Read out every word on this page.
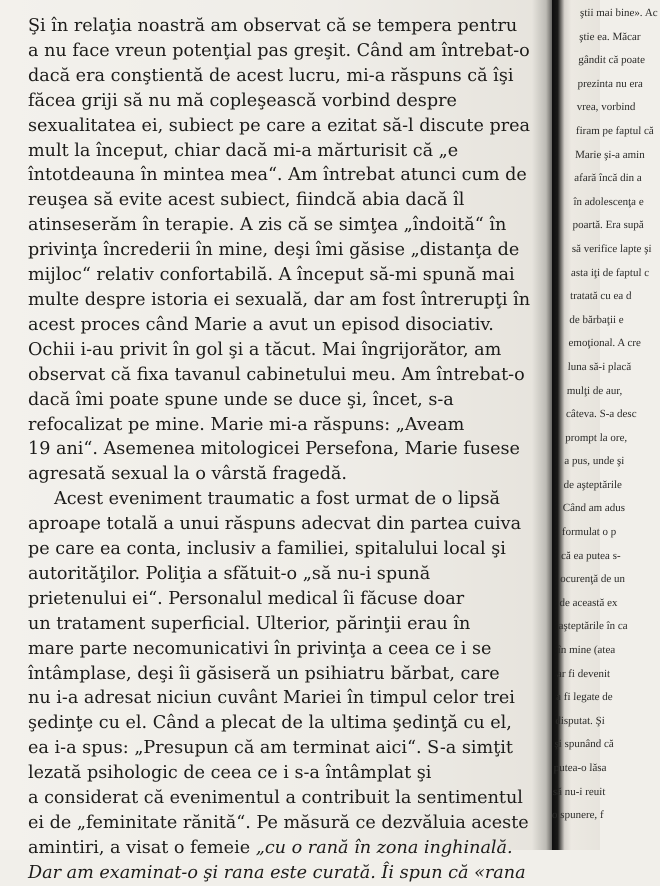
Şi în relaţia noastră am observat că se tempera pentru
a nu face vreun potenţial pas greşit. Când am întrebat-o
dacă era conştientă de acest lucru, mi-a răspuns că îşi
făcea griji să nu mă copleşească vorbind despre
sexualitatea ei, subiect pe care a ezitat să-l discute prea
mult la început, chiar dacă mi-a mărturisit că „e
întotdeauna în mintea mea“. Am întrebat atunci cum de
reuşea să evite acest subiect, fiindcă abia dacă îl
atinseserăm în terapie. A zis că se simţea „îndoită“ în
privinţa încrederii în mine, deşi îmi găsise „distanţa de
mijloc“ relativ confortabilă. A început să-mi spună mai
multe despre istoria ei sexuală, dar am fost întrerupţi în
acest proces când Marie a avut un episod disociativ.
Ochii i-au privit în gol şi a tăcut. Mai îngrijorător, am
observat că fixa tavanul cabinetului meu. Am întrebat-o
dacă îmi poate spune unde se duce şi, încet, s-a
refocalizat pe mine. Marie mi-a răspuns: „Aveam
19 ani“. Asemenea mitologicei Persefona, Marie fusese
agresată sexual la o vârstă fragedă.
Acest eveniment traumatic a fost urmat de o lipsă
aproape totală a unui răspuns adecvat din partea cuiva
pe care ea conta, inclusiv a familiei, spitalului local şi
autorităţilor. Poliţia a sfătuit-o „să nu-i spună
prietenului ei“. Personalul medical îi făcuse doar
un tratament superficial. Ulterior, părinţii erau în
mare parte necomunicativi în privinţa a ceea ce i se
întâmplase, deşi îi găsiseră un psihiatru bărbat, care
nu i-a adresat niciun cuvânt Mariei în timpul celor trei
şedinţe cu el. Când a plecat de la ultima şedinţă cu el,
ea i-a spus: „Presupun că am terminat aici“. S-a simţit
lezată psihologic de ceea ce i s-a întâmplat şi
a considerat că evenimentul a contribuit la sentimentul
ei de „feminitate rănită“. Pe măsură ce dezvăluia aceste
amintiri, a visat o femeie „cu o rană în zona inghinală.
Dar am examinat-o şi rana este curată. Îi spun că «rana
ştii mai bine». Ac
ştie ea. Măcar
gândit că poate
prezinta nu era
vrea, vorbind
firam pe faptul că
Marie şi-a amin
afară încă din a
în adolescenţa e
poartă. Era supă
să verifice lapte şi
asta iţi de faptul c
tratată cu ea d
de bărbaţii e
emoţional. A cre
luna să-i placă
mulţi de aur,
câteva. S-a desc
prompt la ore,
a pus, unde şi
de aşteptările
Când am adus
formulat o p
că ea putea s-
ocurenţă de un
de această ex
aşteptările în ca
în mine (atea
ar fi devenit
a fi legate de
disputat. Şi
şi spunând că
putea-o lăsa
să nu-i reuit
o spunere, f
